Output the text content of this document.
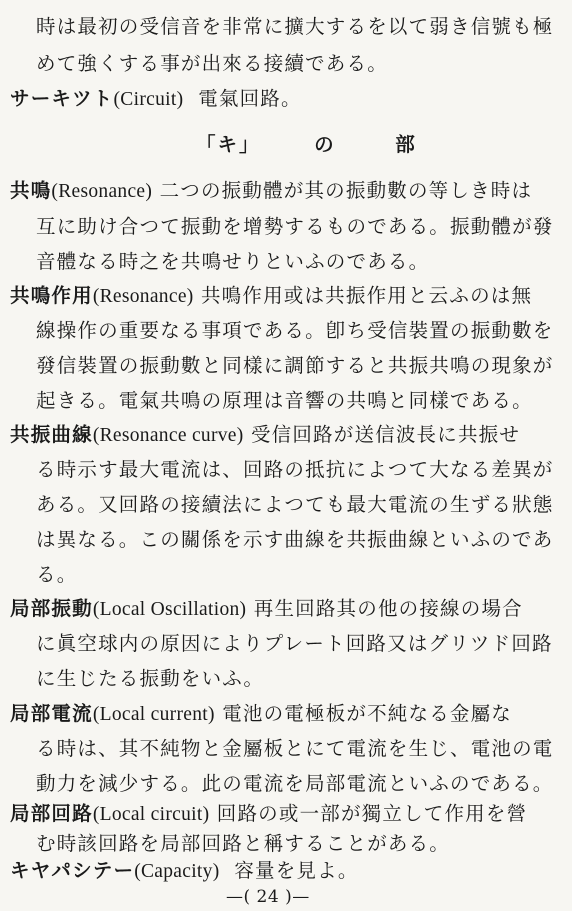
時は最初の受信音を非常に擴大するを以て弱き信號も極
めて強くする事が出來る接續である。
サーキツト(Circuit) 電氣回路。
「キ」	の	部
共鳴(Resonance) 二つの振動體が其の振動數の等しき時は
互に助け合つて振動を增勢するものである。振動體が發
音體なる時之を共鳴せりといふのである。
共鳴作用(Resonance) 共鳴作用或は共振作用と云ふのは無
線操作の重要なる事項である。卽ち受信裝置の振動數を
發信裝置の振動數と同樣に調節すると共振共鳴の現象が
起きる。電氣共鳴の原理は音響の共鳴と同樣である。
共振曲線(Resonance curve) 受信回路が送信波長に共振せ
る時示す最大電流は、回路の抵抗によつて大なる差異が
ある。又回路の接續法によつても最大電流の生ずる狀態
は異なる。この關係を示す曲線を共振曲線といふのであ
る。
局部振動(Local Oscillation) 再生回路其の他の接線の場合
に眞空球内の原因によりプレート回路又はグリツド回路
に生じたる振動をいふ。
局部電流(Local current) 電池の電極板が不純なる金屬な
る時は、其不純物と金屬板とにて電流を生じ、電池の電
動力を減少する。此の電流を局部電流といふのである。
局部回路(Local circuit) 回路の或一部が獨立して作用を營
む時該回路を局部回路と稱することがある。
キヤパシテー(Capacity) 容量を見よ。
—( 24 )—
